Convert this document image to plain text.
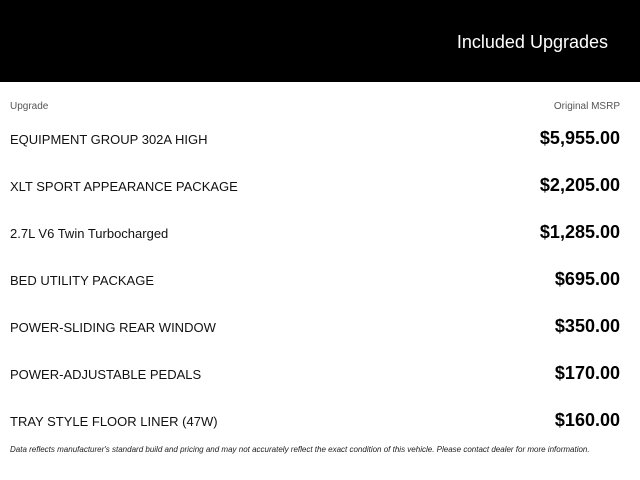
Included Upgrades
Upgrade	Original MSRP
EQUIPMENT GROUP 302A HIGH	$5,955.00
XLT SPORT APPEARANCE PACKAGE	$2,205.00
2.7L V6 Twin Turbocharged	$1,285.00
BED UTILITY PACKAGE	$695.00
POWER-SLIDING REAR WINDOW	$350.00
POWER-ADJUSTABLE PEDALS	$170.00
TRAY STYLE FLOOR LINER (47W)	$160.00
Data reflects manufacturer's standard build and pricing and may not accurately reflect the exact condition of this vehicle. Please contact dealer for more information.
